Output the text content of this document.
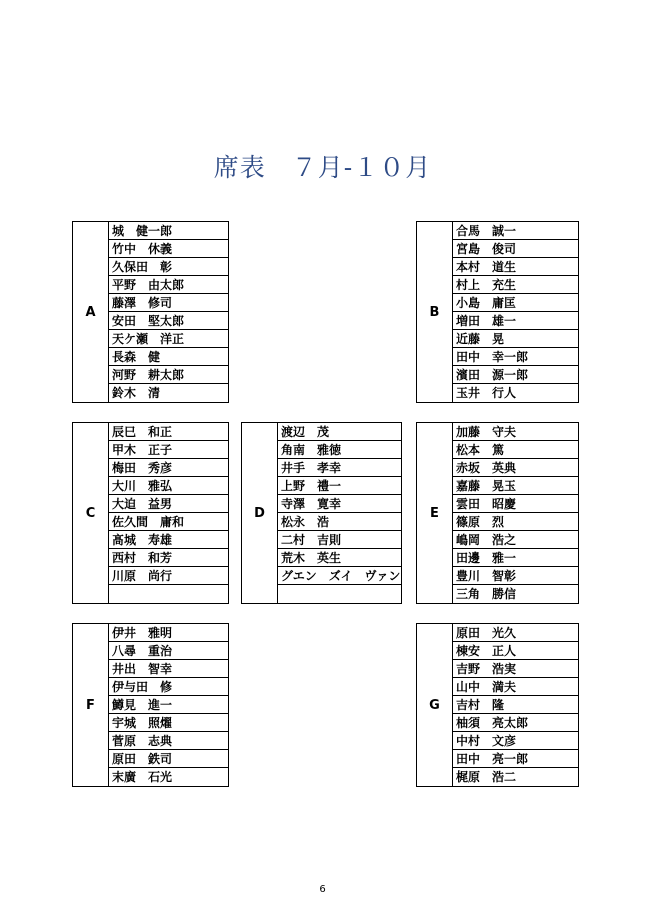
席表　７月‐１０月
A
城　健一郎
竹中　休義
久保田　彰
平野　由太郎
藤澤　修司
安田　堅太郎
天ケ瀬　洋正
長森　健
河野　耕太郎
鈴木　清
B
合馬　誠一
宮島　俊司
本村　道生
村上　充生
小島　庸匡
増田　雄一
近藤　晃
田中　幸一郎
濱田　源一郎
玉井　行人
C
辰巳　和正
甲木　正子
梅田　秀彦
大川　雅弘
大迫　益男
佐久間　庸和
髙城　寿雄
西村　和芳
川原　尚行
D
渡辺　茂
角南　雅徳
井手　孝幸
上野　禮一
寺澤　寛幸
松永　浩
二村　吉則
荒木　英生
グエン　ズイ　ヴァン
E
加藤　守夫
松本　篤
赤坂　英典
嘉藤　晃玉
雲田　昭慶
篠原　烈
嶋岡　浩之
田邊　雅一
豊川　智彰
三角　勝信
F
伊井　雅明
八尋　重治
井出　智幸
伊与田　修
鱒見　進一
宇城　照燿
菅原　志典
原田　鉄司
末廣　石光
G
原田　光久
棟安　正人
吉野　浩実
山中　満夫
吉村　隆
柚須　亮太郎
中村　文彦
田中　亮一郎
梶原　浩二
6
